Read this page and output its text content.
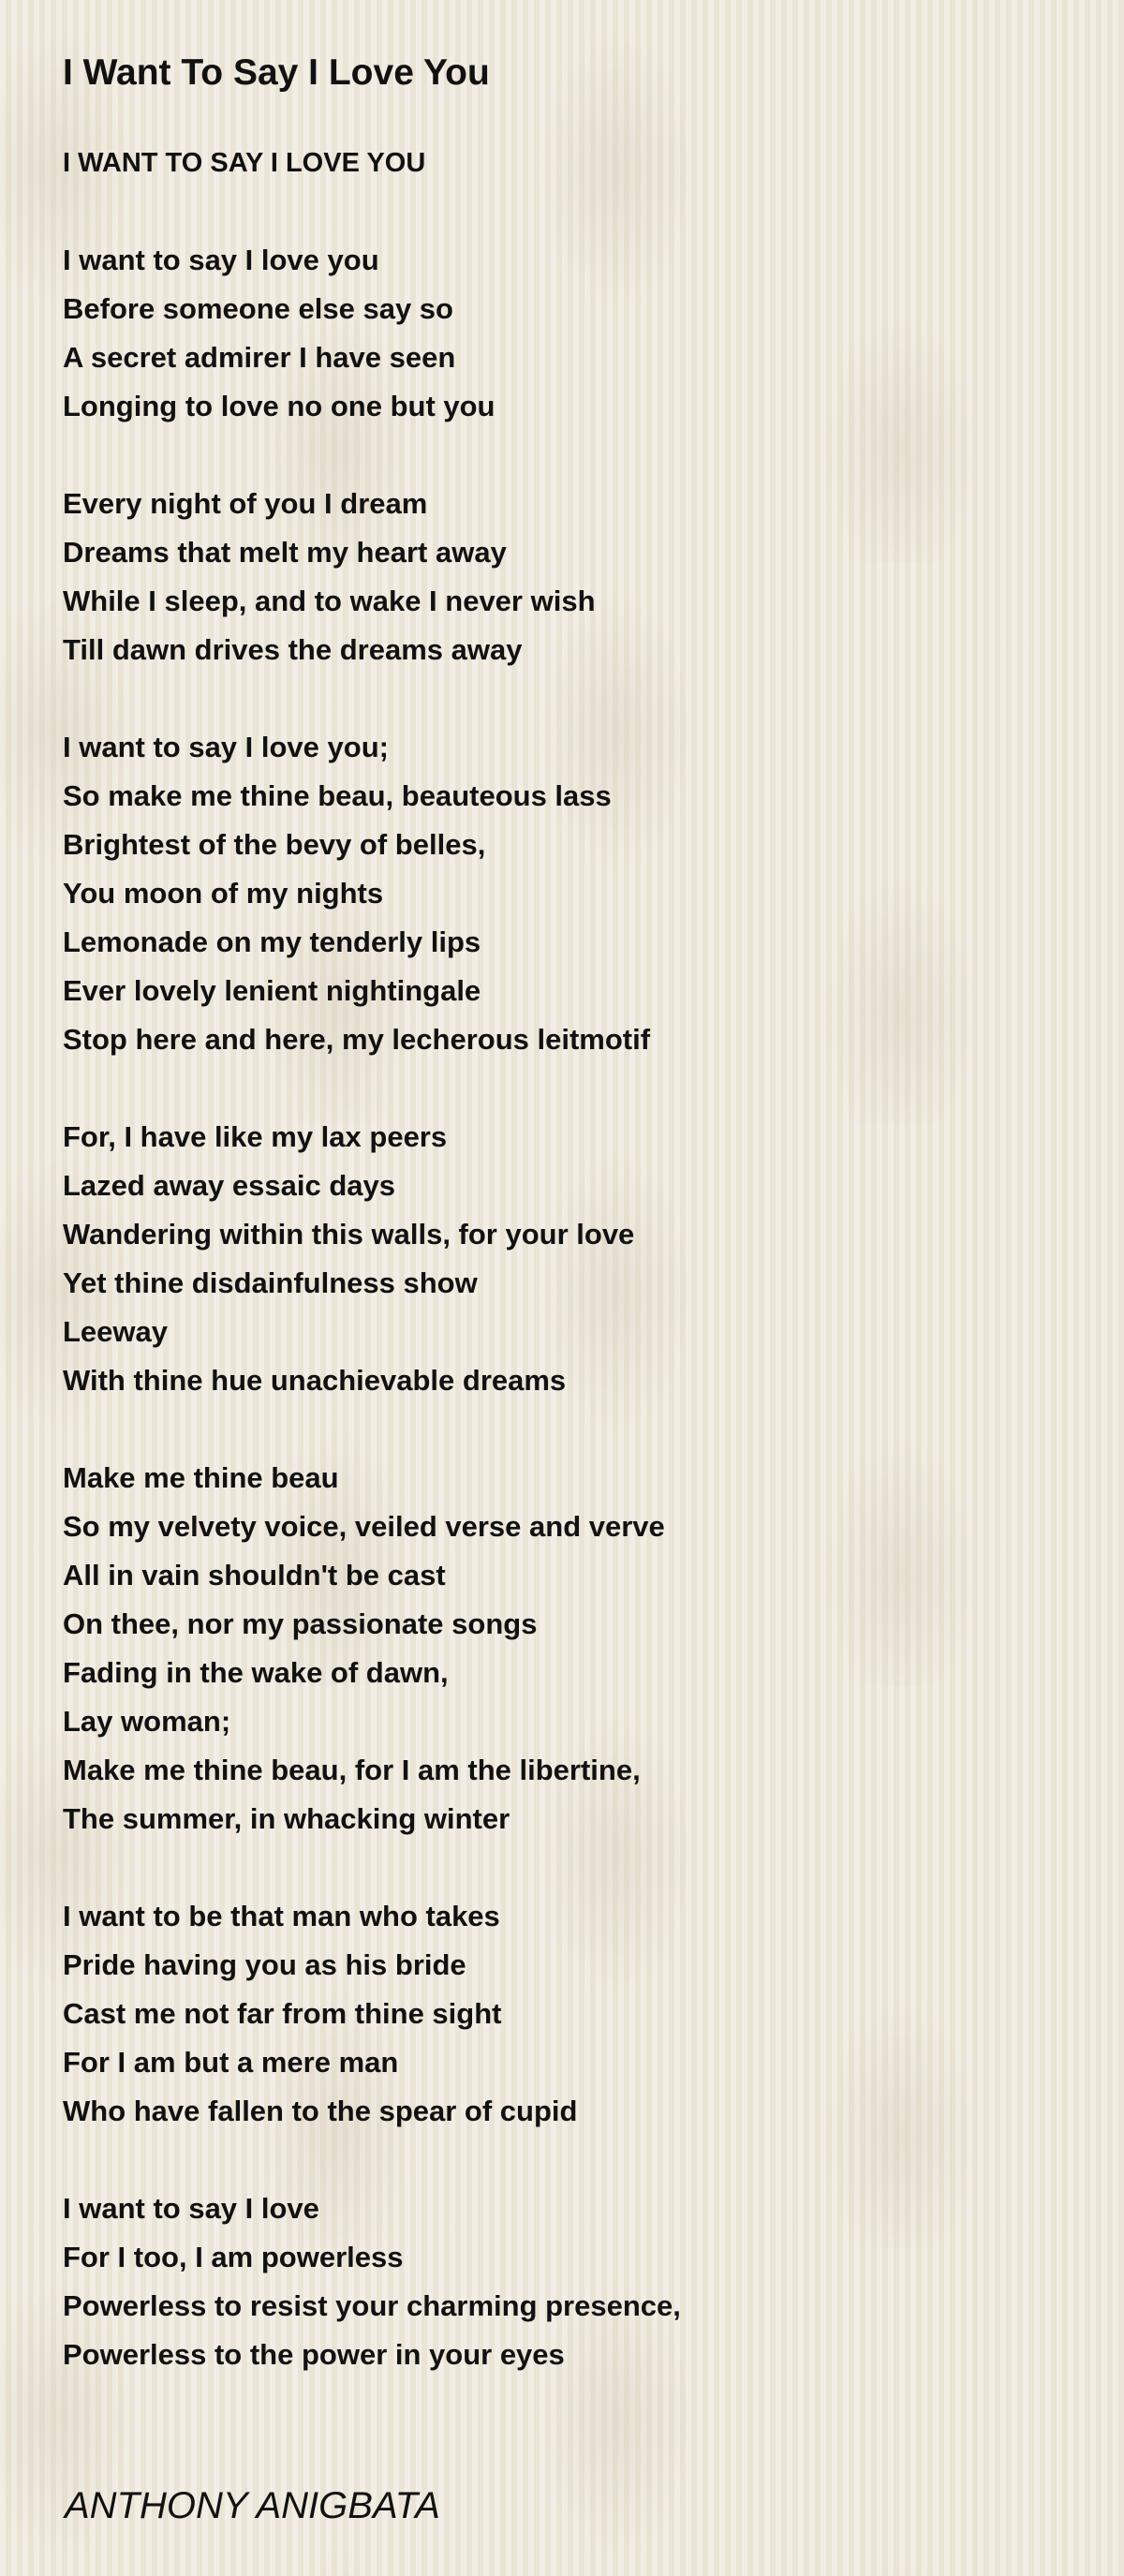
I Want To Say I Love You
I WANT TO SAY I LOVE YOU
I want to say I love you
Before someone else say so
A secret admirer I have seen
Longing to love no one but you
Every night of you I dream
Dreams that melt my heart away
While I sleep, and to wake I never wish
Till dawn drives the dreams away
I want to say I love you;
So make me thine beau, beauteous lass
Brightest of the bevy of belles,
You moon of my nights
Lemonade on my tenderly lips
Ever lovely lenient nightingale
Stop here and here, my lecherous leitmotif
For, I have like my lax peers
Lazed away essaic days
Wandering within this walls, for your love
Yet thine disdainfulness show
Leeway
With thine hue unachievable dreams
Make me thine beau
So my velvety voice, veiled verse and verve
All in vain shouldn't be cast
On thee, nor my passionate songs
Fading in the wake of dawn,
Lay woman;
Make me thine beau, for I am the libertine,
The summer, in whacking winter
I want to be that man who takes
Pride having you as his bride
Cast me not far from thine sight
For I am but a mere man
Who have fallen to the spear of cupid
I want to say I love
For I too, I am powerless
Powerless to resist your charming presence,
Powerless to the power in your eyes
ANTHONY ANIGBATA
